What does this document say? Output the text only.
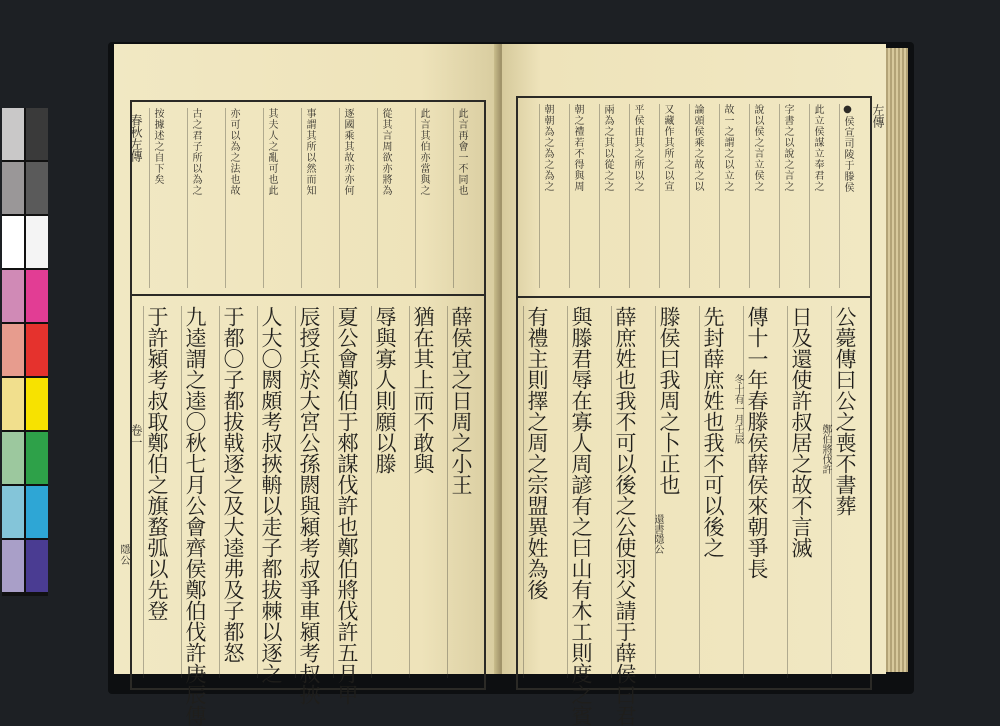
春秋左傳
卷一
隱公
此言再會一不同也
此言其伯亦當與之
從其言周欲亦將為
逐國乘其故亦亦何
事謂其所以然而知
其夫人之亂可也此
亦可以為之法也故
古之君子所以為之
按據述之自下矣
薛侯宜之日周之小王
猶在其上而不敢與
辱與寡人則願以滕
夏公會鄭伯于郲謀伐許也鄭伯將伐許五月甲
辰授兵於大宮公孫閼與潁考叔爭車潁考叔挾
人大〇閼頗考叔挾輈以走子都拔棘以逐之
于都〇子都拔戟逐之及大逵弗及子都怒
九逵謂之逵〇秋七月公會齊侯鄭伯伐許庚辰傅
于許潁考叔取鄭伯之旗蝥弧以先登
左傳
●侯宣司陵于滕侯
此立侯謀立奉君之
字書之以說之言之
說以侯之言立侯之
故一之謂之以立之
論頭侯乘之故之以
又藏作其所之以宣
平侯由其之所以之
兩為之其以從之之
朝之禮若不得與周
朝朝為之為之為之
公薨傳曰公之喪不書葬
日及還使許叔居之故不言滅
傳十一年春滕侯薛侯來朝爭長
先封薛庶姓也我不可以後之
滕侯曰我周之卜正也
薛庶姓也我不可以後之公使羽父請于薛侯曰君
與滕君辱在寡人周諺有之曰山有木工則度之賓
有禮主則擇之周之宗盟異姓為後	鄭伯將伐許
冬十有一月壬辰
還書隱公
